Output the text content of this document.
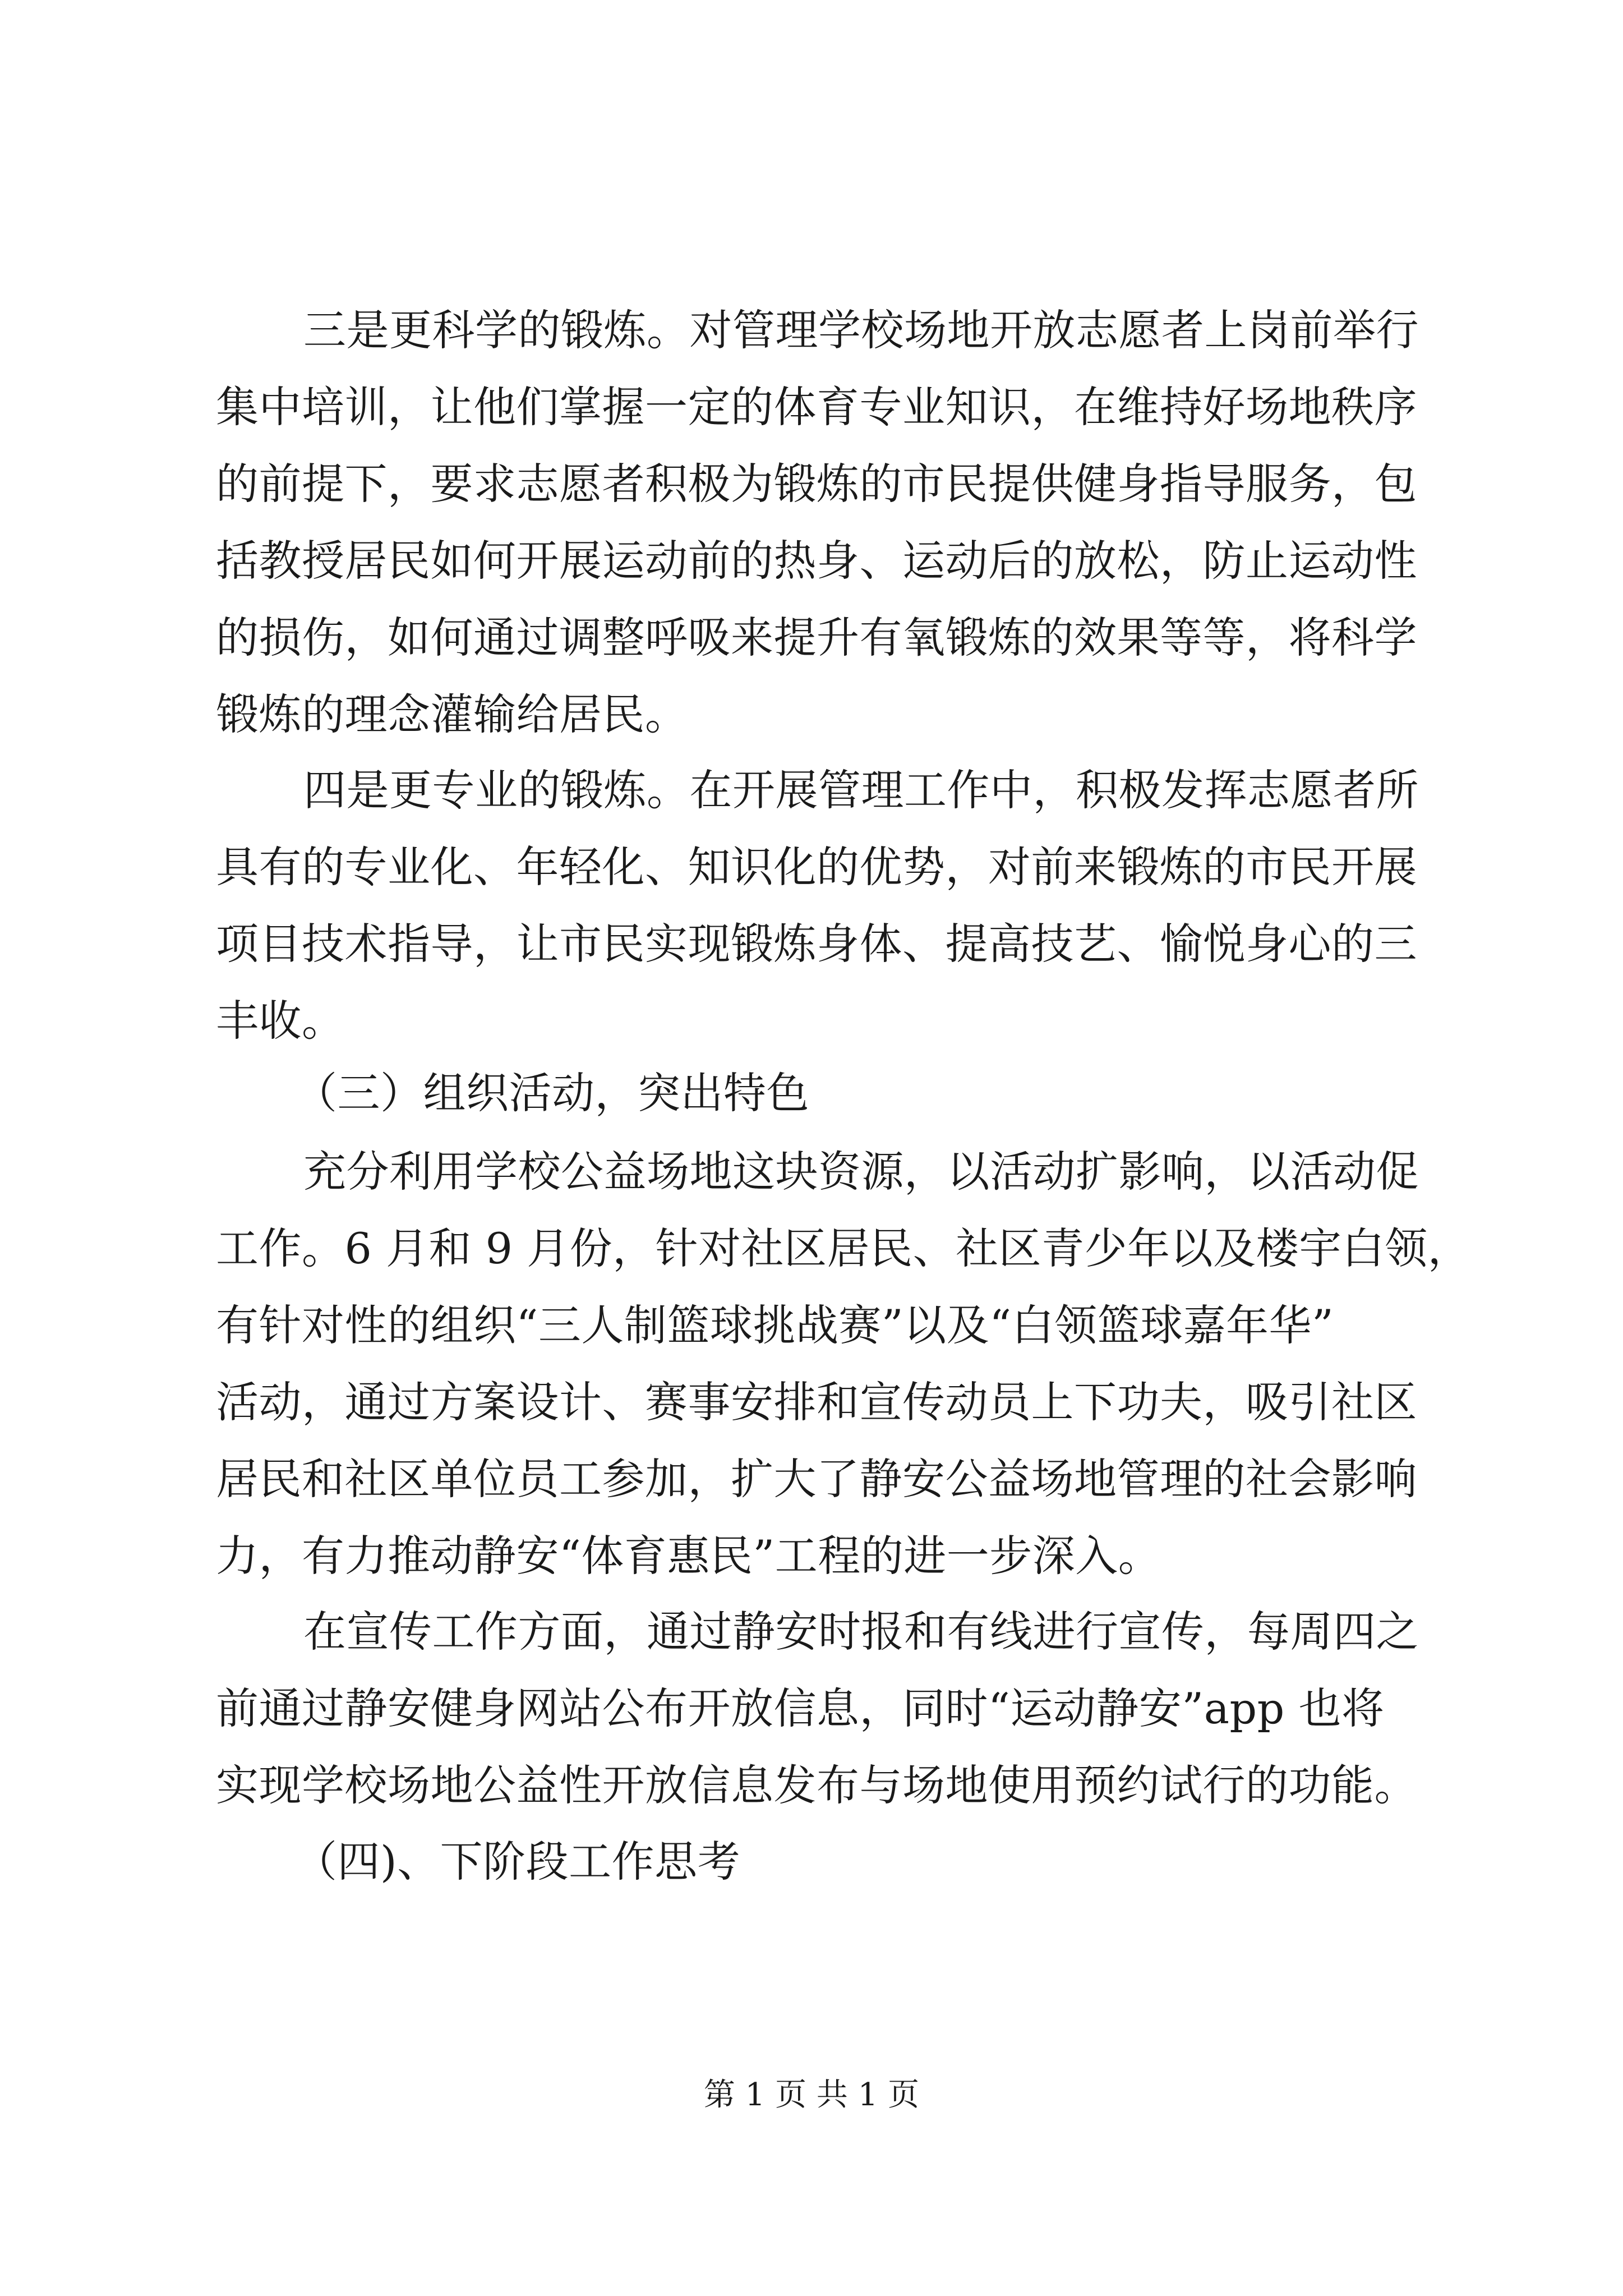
三是更科学的锻炼。对管理学校场地开放志愿者上岗前举行
集中培训，让他们掌握一定的体育专业知识，在维持好场地秩序
的前提下，要求志愿者积极为锻炼的市民提供健身指导服务，包
括教授居民如何开展运动前的热身、运动后的放松，防止运动性
的损伤，如何通过调整呼吸来提升有氧锻炼的效果等等，将科学
锻炼的理念灌输给居民。
四是更专业的锻炼。在开展管理工作中，积极发挥志愿者所
具有的专业化、年轻化、知识化的优势，对前来锻炼的市民开展
项目技术指导，让市民实现锻炼身体、提高技艺、愉悦身心的三
丰收。
（三）组织活动，突出特色
充分利用学校公益场地这块资源，以活动扩影响，以活动促
工作。6 月和 9 月份，针对社区居民、社区青少年以及楼宇白领，
有针对性的组织“三人制篮球挑战赛”以及“白领篮球嘉年华”
活动，通过方案设计、赛事安排和宣传动员上下功夫，吸引社区
居民和社区单位员工参加，扩大了静安公益场地管理的社会影响
力，有力推动静安“体育惠民”工程的进一步深入。
在宣传工作方面，通过静安时报和有线进行宣传，每周四之
前通过静安健身网站公布开放信息，同时“运动静安”app 也将
实现学校场地公益性开放信息发布与场地使用预约试行的功能。
（四)、下阶段工作思考
第 1 页 共 1 页
